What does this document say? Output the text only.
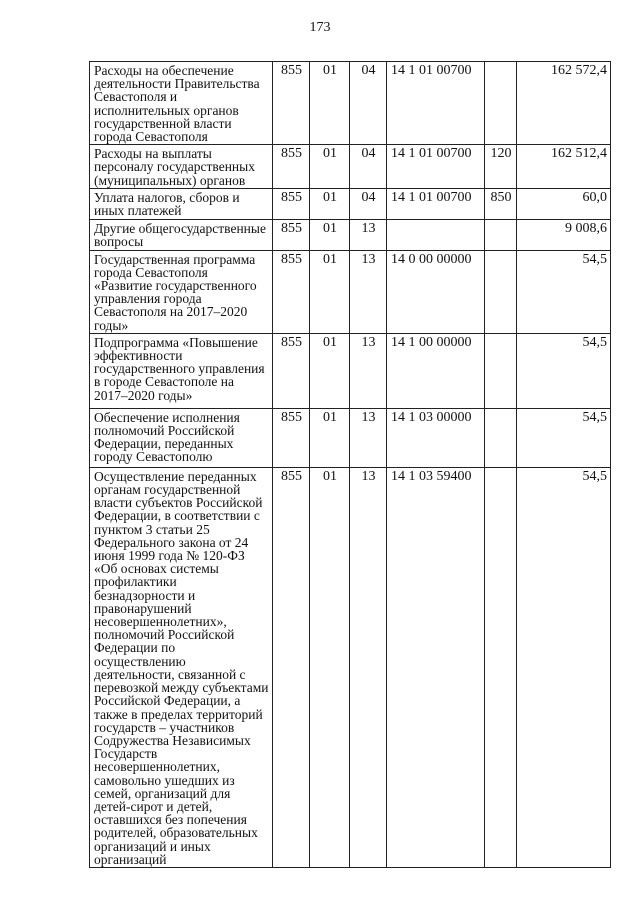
173
Расходы на обеспечение деятельности Правительства Севастополя и исполнительных органов государственной власти города Севастополя	855	01	04	14 1 01 00700		162 572,4
Расходы на выплаты персоналу государственных (муниципальных) органов	855	01	04	14 1 01 00700	120	162 512,4
Уплата налогов, сборов и иных платежей	855	01	04	14 1 01 00700	850	60,0
Другие общегосударственные вопросы	855	01	13			9 008,6
Государственная программа города Севастополя «Развитие государственного управления города Севастополя на 2017–2020 годы»	855	01	13	14 0 00 00000		54,5
Подпрограмма «Повышение эффективности государственного управления в городе Севастополе на 2017–2020 годы»	855	01	13	14 1 00 00000		54,5
Обеспечение исполнения полномочий Российской Федерации, переданных городу Севастополю	855	01	13	14 1 03 00000		54,5
Осуществление переданных органам государственной власти субъектов Российской Федерации, в соответствии с пунктом 3 статьи 25 Федерального закона от 24 июня 1999 года № 120-ФЗ «Об основах системы профилактики безнадзорности и правонарушений несовершеннолетних», полномочий Российской Федерации по осуществлению деятельности, связанной с перевозкой между субъектами Российской Федерации, а также в пределах территорий государств – участников Содружества Независимых Государств несовершеннолетних, самовольно ушедших из семей, организаций для детей-сирот и детей, оставшихся без попечения родителей, образовательных организаций и иных организаций	855	01	13	14 1 03 59400		54,5
